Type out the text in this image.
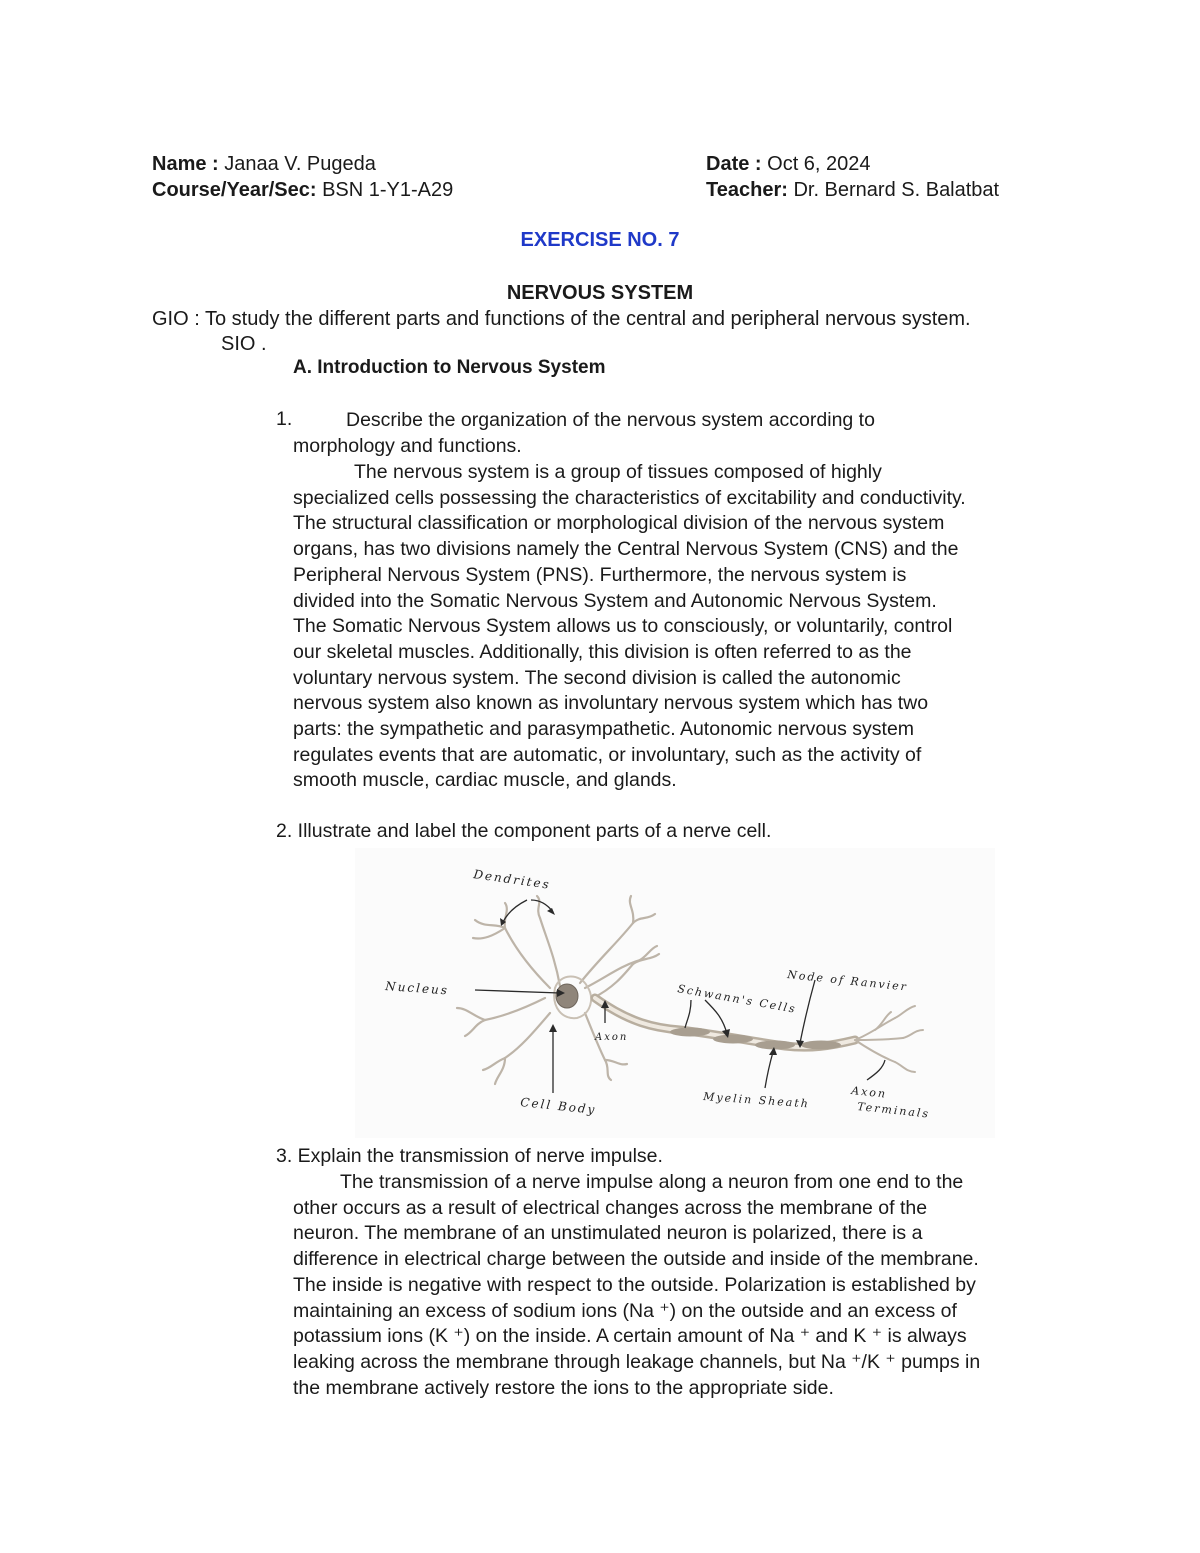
Name : Janaa V. Pugeda	Date : Oct 6, 2024
Course/Year/Sec: BSN 1-Y1-A29	Teacher: Dr. Bernard S. Balatbat
EXERCISE NO. 7
NERVOUS SYSTEM
GIO : To study the different parts and functions of the central and peripheral nervous system.
SIO .
A. Introduction to Nervous System
1.	Describe the organization of the nervous system according to
morphology and functions.
The nervous system is a group of tissues composed of highly
specialized cells possessing the characteristics of excitability and conductivity.
The structural classification or morphological division of the nervous system
organs, has two divisions namely the Central Nervous System (CNS) and the
Peripheral Nervous System (PNS). Furthermore, the nervous system is
divided into the Somatic Nervous System and Autonomic Nervous System.
The Somatic Nervous System allows us to consciously, or voluntarily, control
our skeletal muscles. Additionally, this division is often referred to as the
voluntary nervous system. The second division is called the autonomic
nervous system also known as involuntary nervous system which has two
parts: the sympathetic and parasympathetic. Autonomic nervous system
regulates events that are automatic, or involuntary, such as the activity of
smooth muscle, cardiac muscle, and glands.
2. Illustrate and label the component parts of a nerve cell.
Dendrites
Nucleus
Cell Body
Axon
Schwann's Cells
Node of Ranvier
Myelin Sheath	Axon
Terminals
3. Explain the transmission of nerve impulse.
The transmission of a nerve impulse along a neuron from one end to the
other occurs as a result of electrical changes across the membrane of the
neuron. The membrane of an unstimulated neuron is polarized, there is a
difference in electrical charge between the outside and inside of the membrane.
The inside is negative with respect to the outside. Polarization is established by
maintaining an excess of sodium ions (Na ⁺) on the outside and an excess of
potassium ions (K ⁺) on the inside. A certain amount of Na ⁺ and K ⁺ is always
leaking across the membrane through leakage channels, but Na ⁺/K ⁺ pumps in
the membrane actively restore the ions to the appropriate side.
